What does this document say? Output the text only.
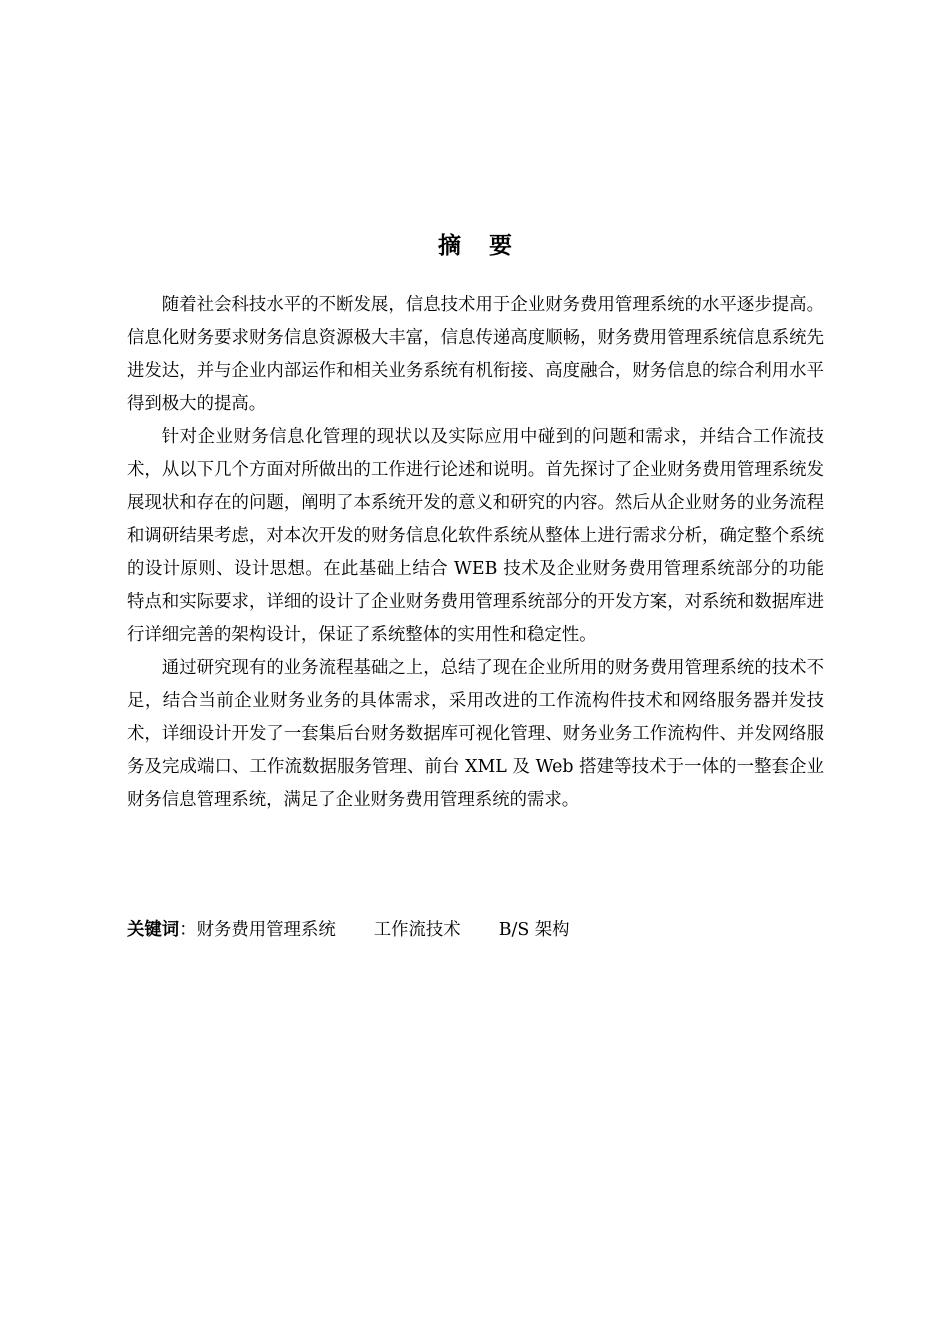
摘 要

随着社会科技水平的不断发展，信息技术用于企业财务费用管理系统的水平逐步提高。信息化财务要求财务信息资源极大丰富，信息传递高度顺畅，财务费用管理系统信息系统先进发达，并与企业内部运作和相关业务系统有机衔接、高度融合，财务信息的综合利用水平得到极大的提高。

针对企业财务信息化管理的现状以及实际应用中碰到的问题和需求，并结合工作流技术，从以下几个方面对所做出的工作进行论述和说明。首先探讨了企业财务费用管理系统发展现状和存在的问题，阐明了本系统开发的意义和研究的内容。然后从企业财务的业务流程和调研结果考虑，对本次开发的财务信息化软件系统从整体上进行需求分析，确定整个系统的设计原则、设计思想。在此基础上结合 WEB 技术及企业财务费用管理系统部分的功能特点和实际要求，详细的设计了企业财务费用管理系统部分的开发方案，对系统和数据库进行详细完善的架构设计，保证了系统整体的实用性和稳定性。

通过研究现有的业务流程基础之上，总结了现在企业所用的财务费用管理系统的技术不足，结合当前企业财务业务的具体需求，采用改进的工作流构件技术和网络服务器并发技术，详细设计开发了一套集后台财务数据库可视化管理、财务业务工作流构件、并发网络服务及完成端口、工作流数据服务管理、前台 XML 及 Web 搭建等技术于一体的一整套企业财务信息管理系统，满足了企业财务费用管理系统的需求。

关键词：财务费用管理系统 工作流技术 B/S 架构
